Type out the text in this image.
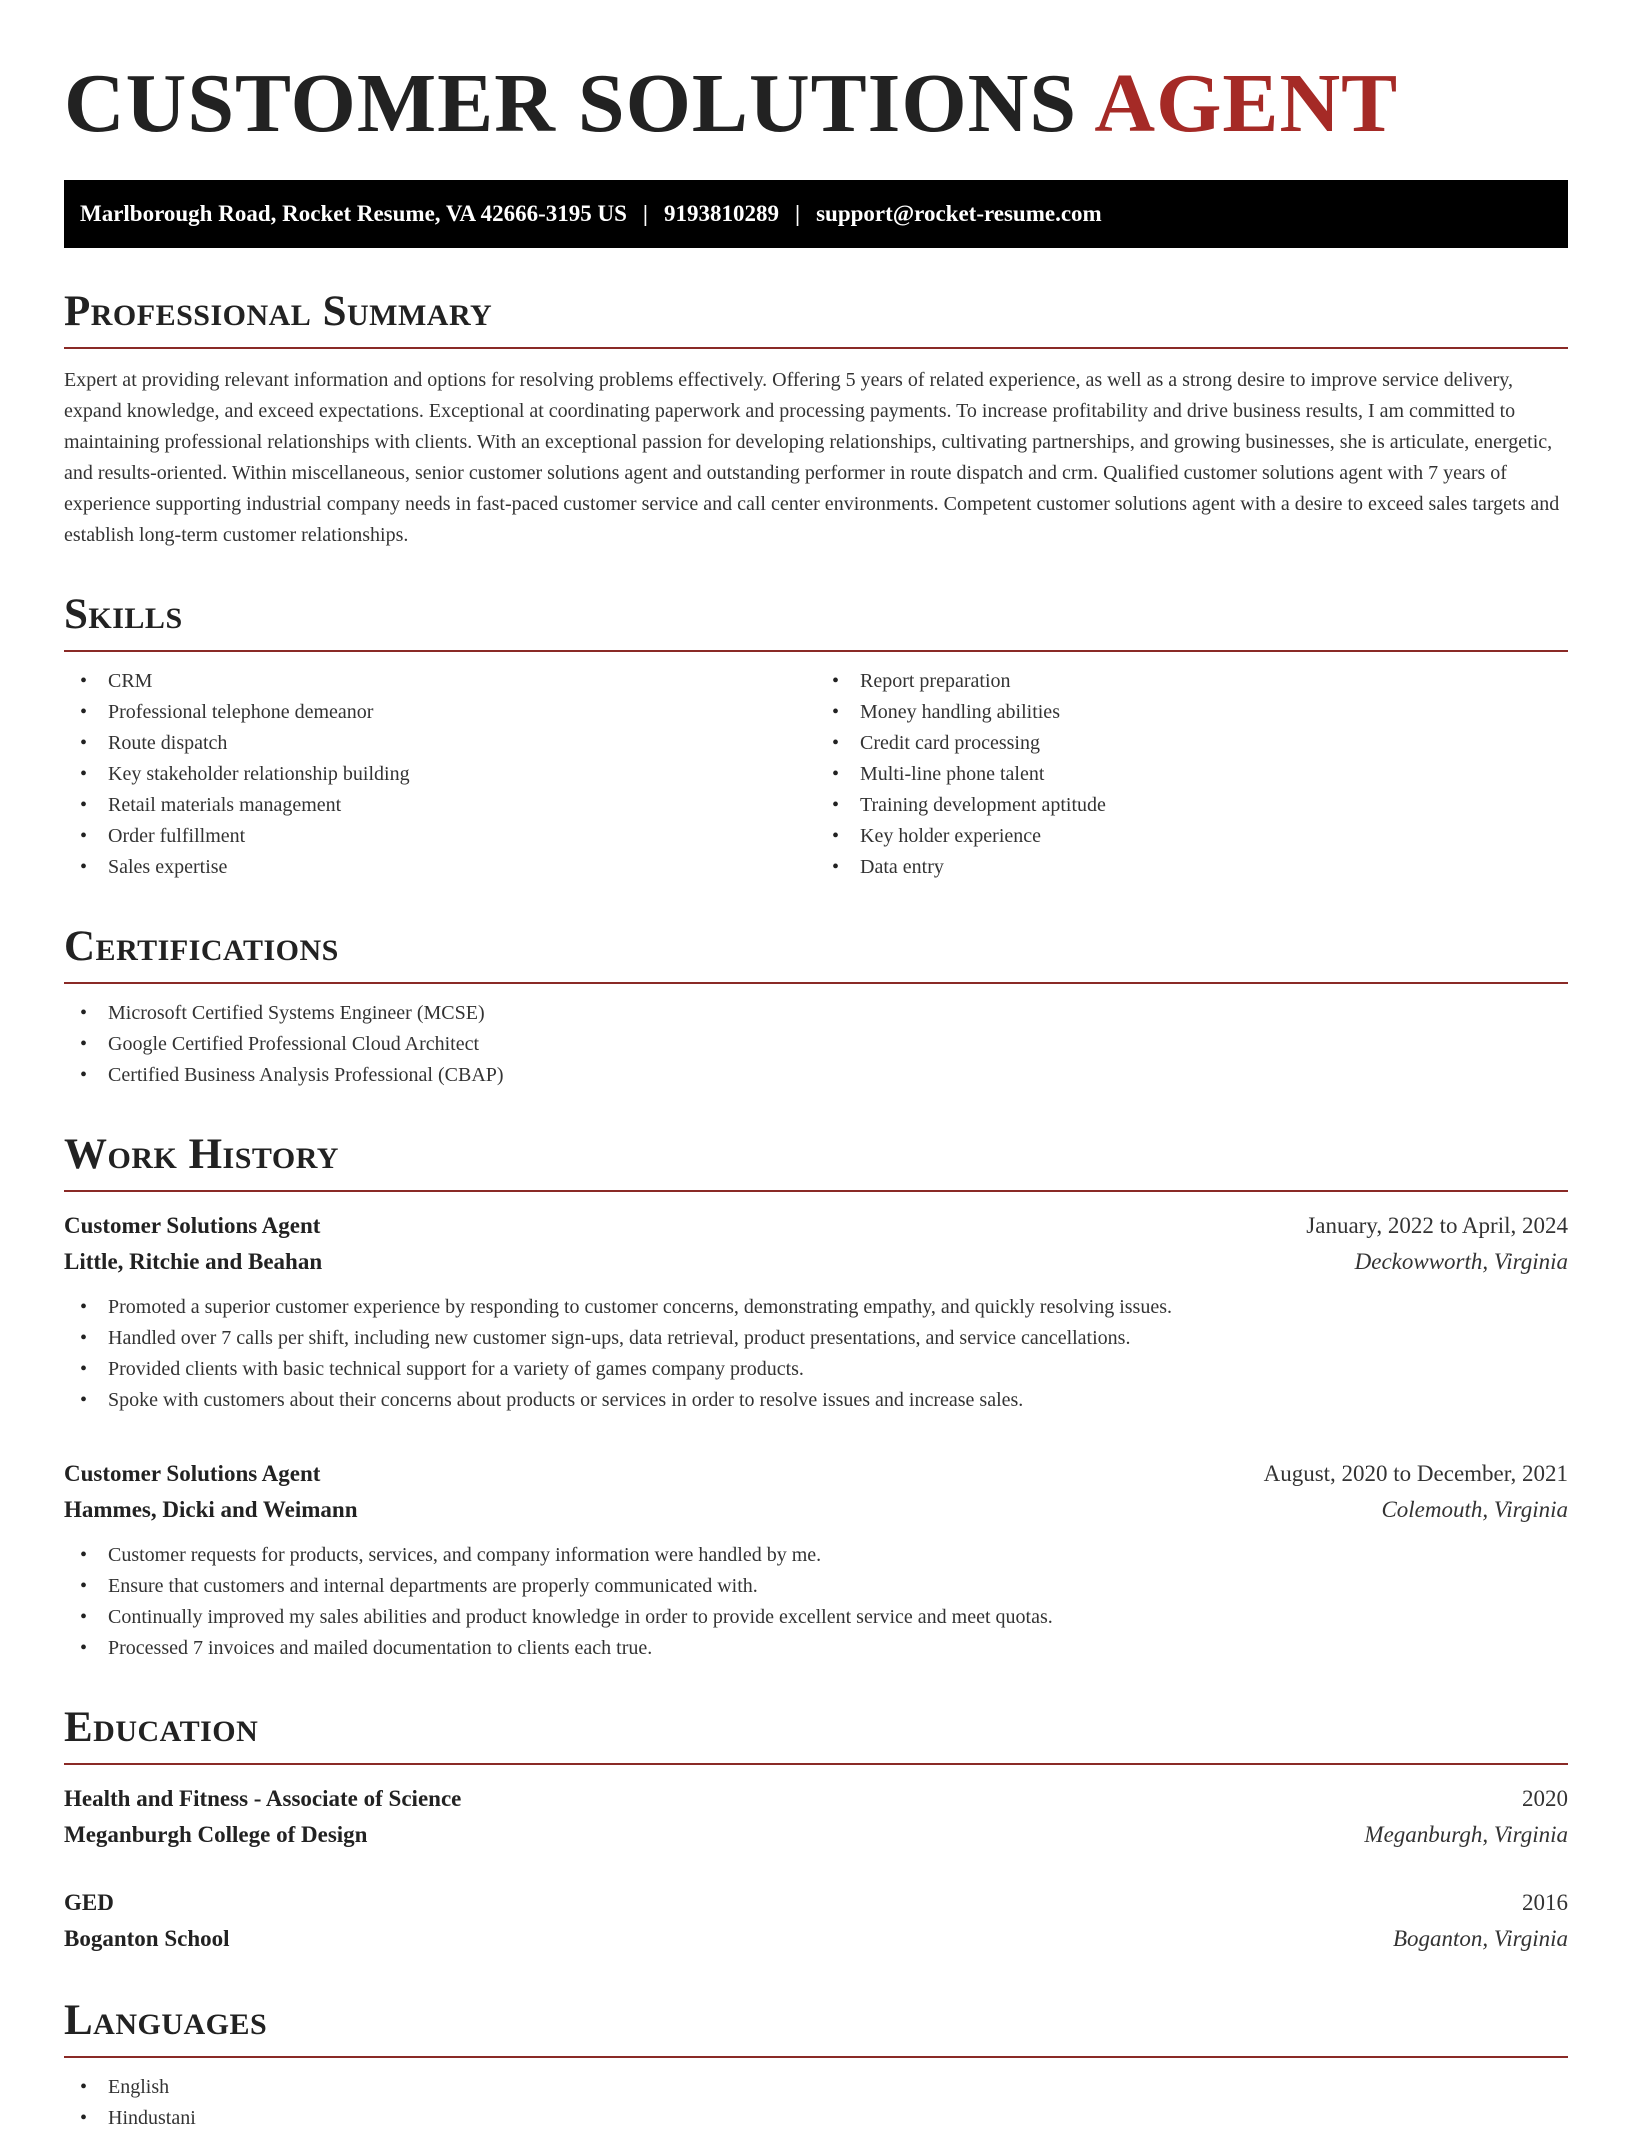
CUSTOMER SOLUTIONS AGENT
Marlborough Road, Rocket Resume, VA 42666-3195 US | 9193810289 | support@rocket-resume.com
Professional Summary

Expert at providing relevant information and options for resolving problems effectively. Offering 5 years of related experience, as well as a strong desire to improve service delivery, expand knowledge, and exceed expectations. Exceptional at coordinating paperwork and processing payments. To increase profitability and drive business results, I am committed to maintaining professional relationships with clients. With an exceptional passion for developing relationships, cultivating partnerships, and growing businesses, she is articulate, energetic, and results-oriented. Within miscellaneous, senior customer solutions agent and outstanding performer in route dispatch and crm. Qualified customer solutions agent with 7 years of experience supporting industrial company needs in fast-paced customer service and call center environments. Competent customer solutions agent with a desire to exceed sales targets and establish long-term customer relationships.

Skills
• CRM
• Professional telephone demeanor
• Route dispatch
• Key stakeholder relationship building
• Retail materials management
• Order fulfillment
• Sales expertise
• Report preparation
• Money handling abilities
• Credit card processing
• Multi-line phone talent
• Training development aptitude
• Key holder experience
• Data entry
Certifications
• Microsoft Certified Systems Engineer (MCSE)
• Google Certified Professional Cloud Architect
• Certified Business Analysis Professional (CBAP)
Work History
Customer Solutions Agent	January, 2022 to April, 2024
Little, Ritchie and Beahan	Deckowworth, Virginia
• Promoted a superior customer experience by responding to customer concerns, demonstrating empathy, and quickly resolving issues.
• Handled over 7 calls per shift, including new customer sign-ups, data retrieval, product presentations, and service cancellations.
• Provided clients with basic technical support for a variety of games company products.
• Spoke with customers about their concerns about products or services in order to resolve issues and increase sales.
Customer Solutions Agent	August, 2020 to December, 2021
Hammes, Dicki and Weimann	Colemouth, Virginia
• Customer requests for products, services, and company information were handled by me.
• Ensure that customers and internal departments are properly communicated with.
• Continually improved my sales abilities and product knowledge in order to provide excellent service and meet quotas.
• Processed 7 invoices and mailed documentation to clients each true.
Education
Health and Fitness - Associate of Science	2020
Meganburgh College of Design	Meganburgh, Virginia
GED	2016
Boganton School	Boganton, Virginia
Languages
• English
• Hindustani
